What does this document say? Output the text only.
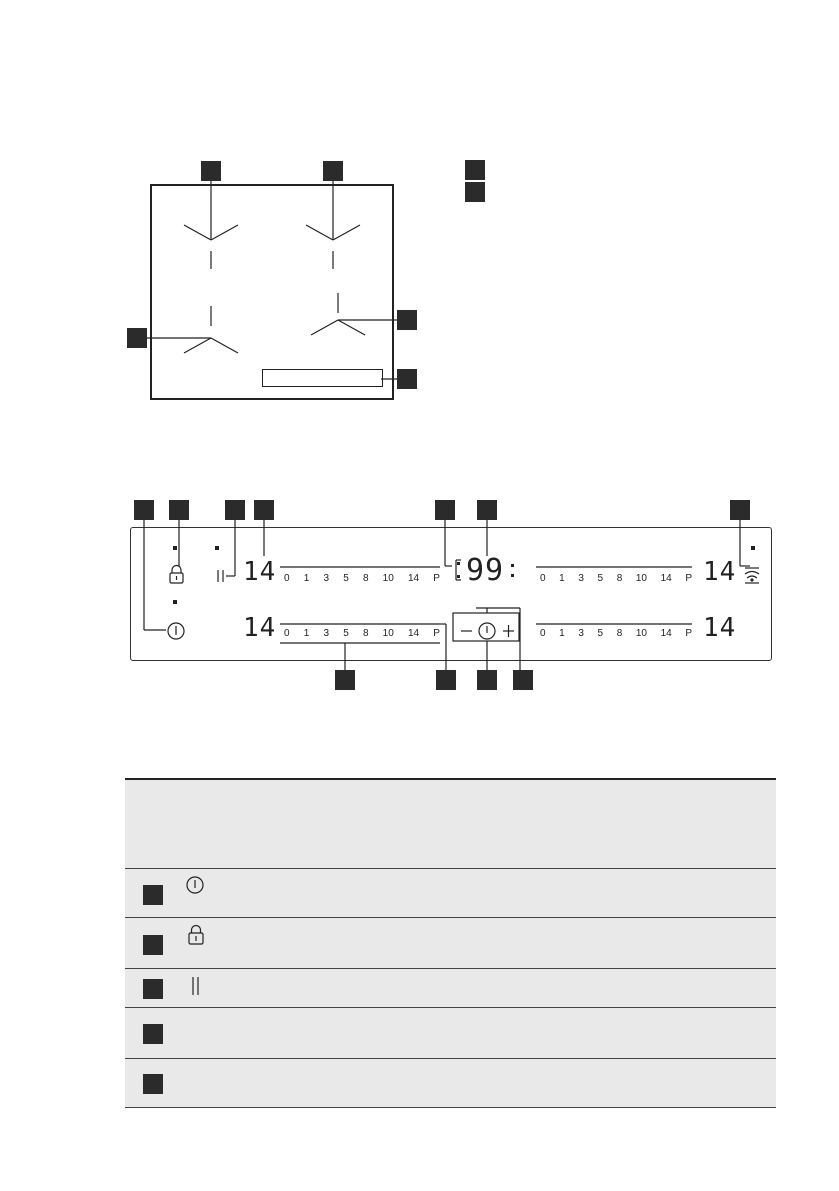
14
14
14
14
99
0 1 3 5 8 10 14 P	0 1 3 5 8 10 14 P
0 1 3 5 8 10 14 P	0 1 3 5 8 10 14 P
